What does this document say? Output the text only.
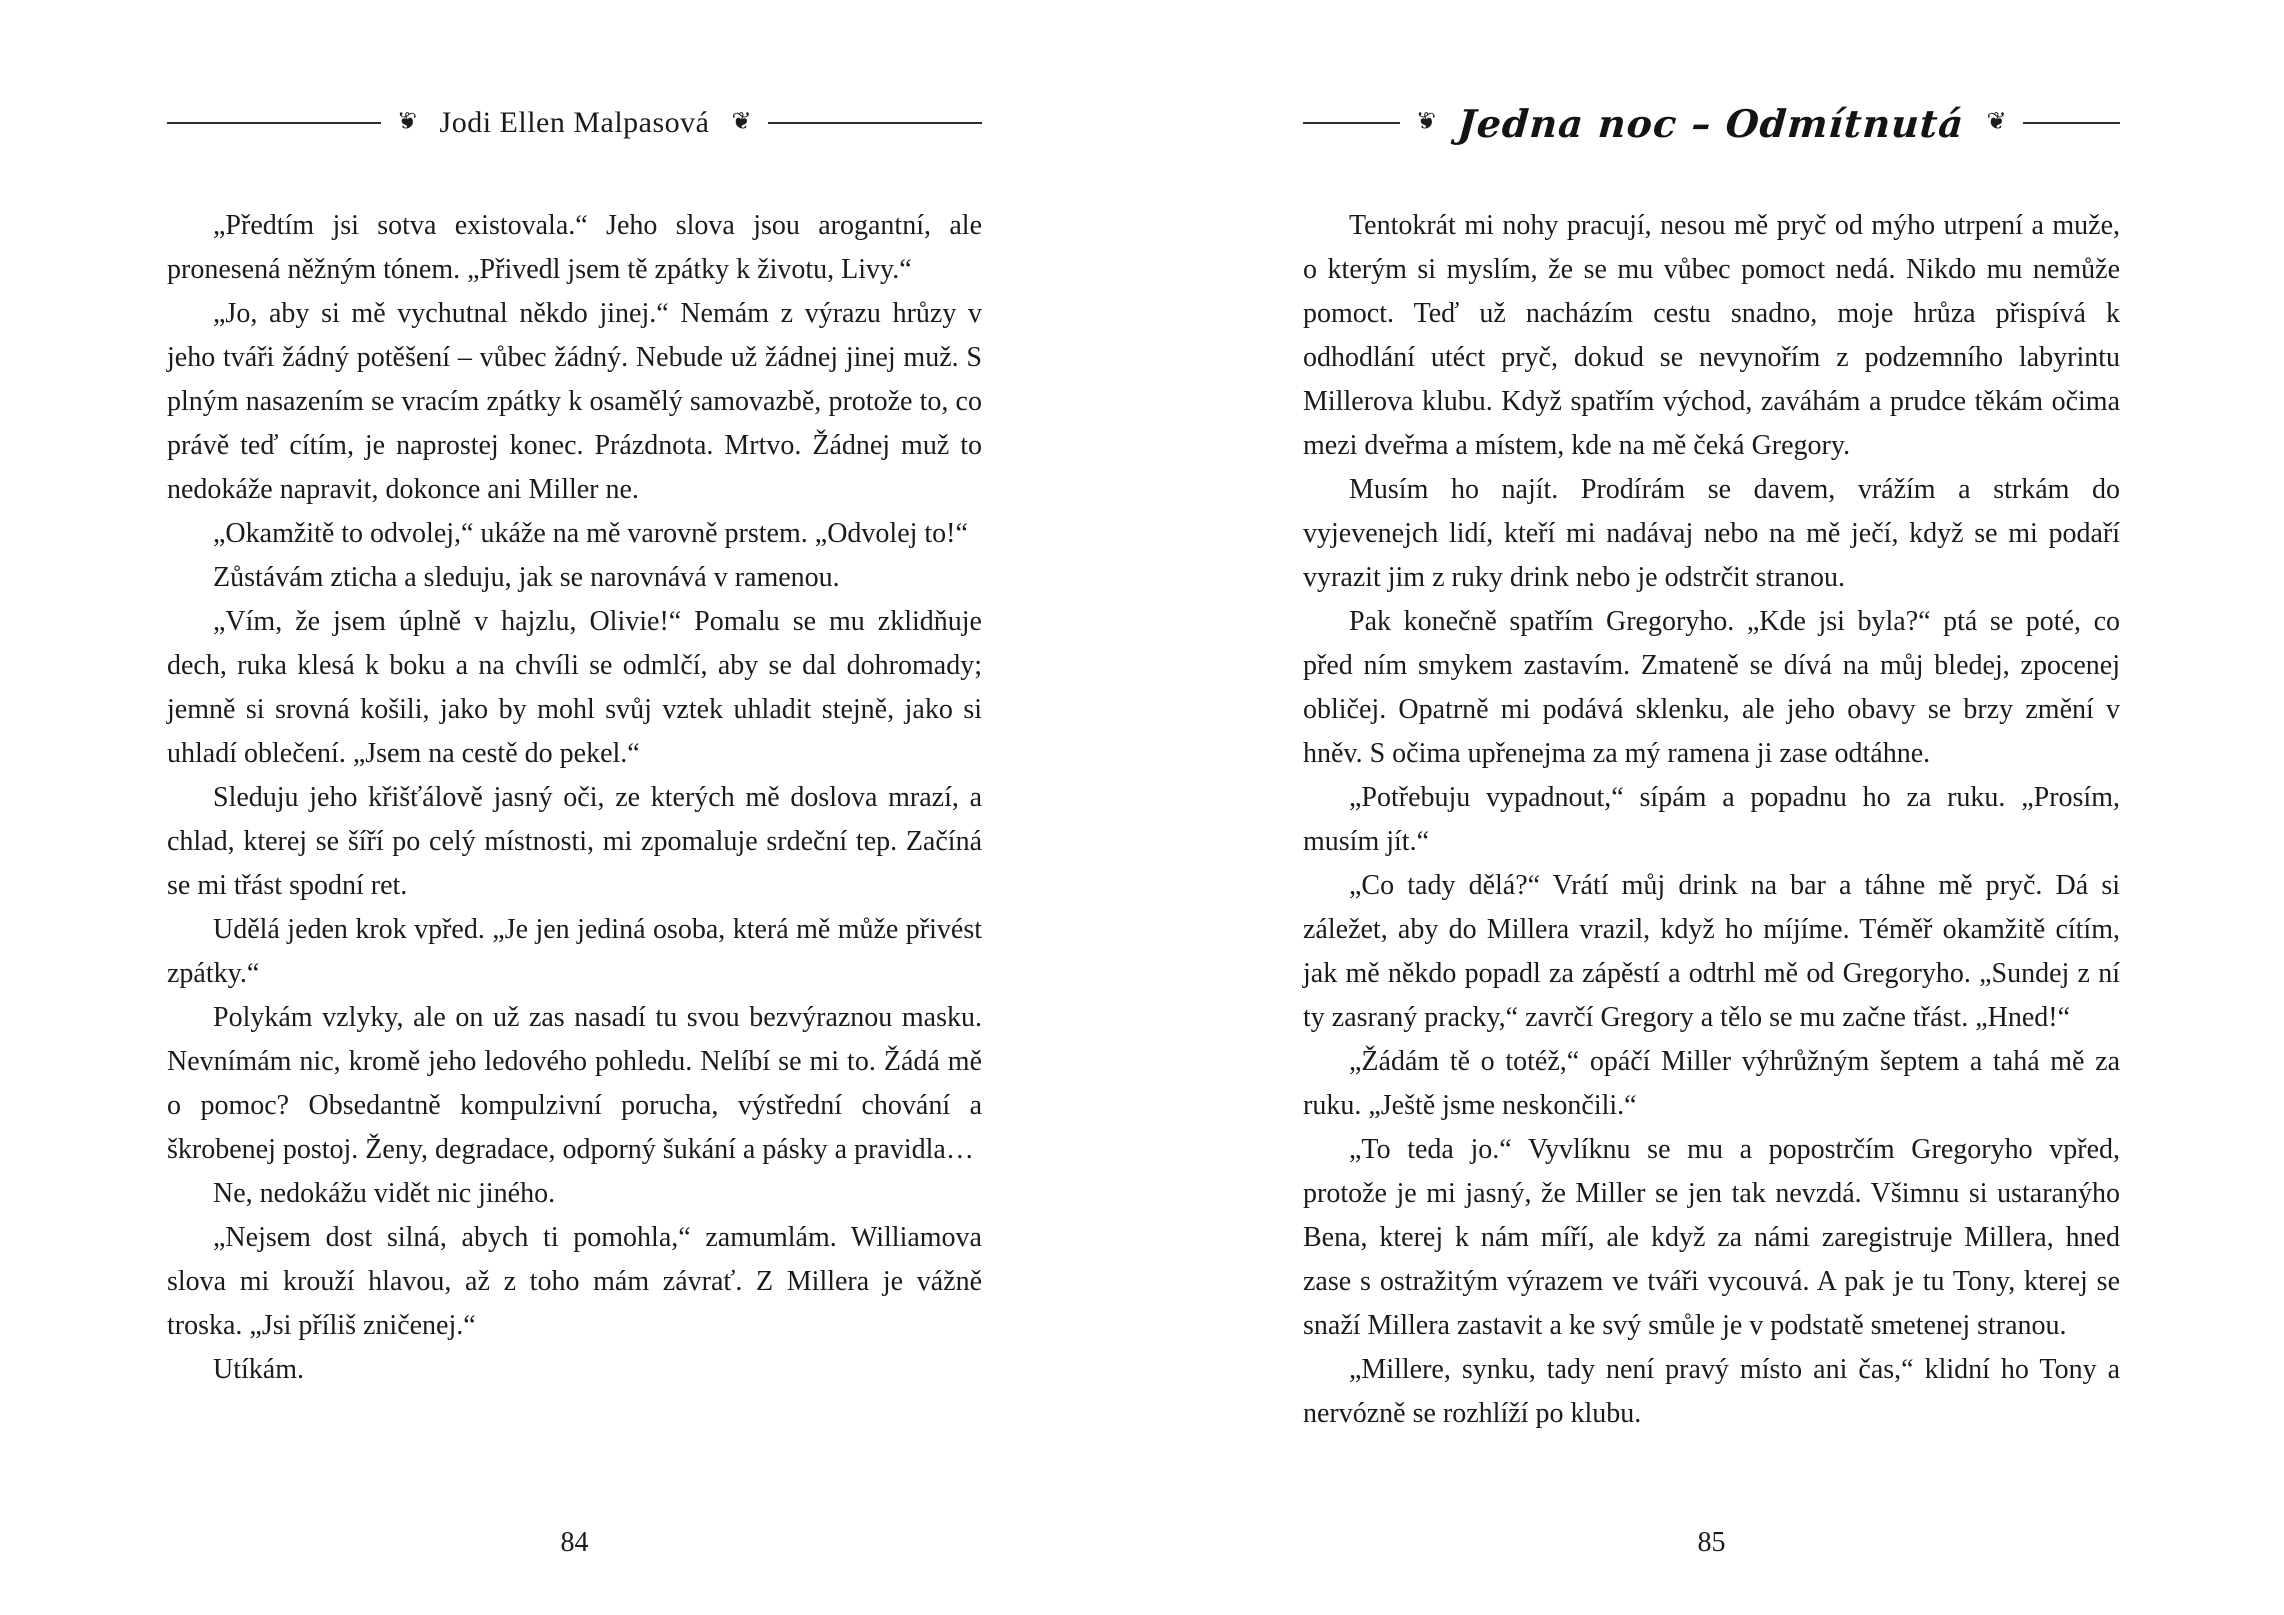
❦ Jodi Ellen Malpasová ❦

„Předtím jsi sotva existovala.“ Jeho slova jsou arogantní, ale pronesená něžným tónem. „Přivedl jsem tě zpátky k životu, Livy.“

„Jo, aby si mě vychutnal někdo jinej.“ Nemám z výrazu hrůzy v jeho tváři žádný potěšení – vůbec žádný. Nebude už žádnej jinej muž. S plným nasazením se vracím zpátky k osamělý samovazbě, protože to, co právě teď cítím, je naprostej konec. Prázdnota. Mrtvo. Žádnej muž to nedokáže napravit, dokonce ani Miller ne.

„Okamžitě to odvolej,“ ukáže na mě varovně prstem. „Odvolej to!“

Zůstávám zticha a sleduju, jak se narovnává v ramenou.

„Vím, že jsem úplně v hajzlu, Olivie!“ Pomalu se mu zklidňuje dech, ruka klesá k boku a na chvíli se odmlčí, aby se dal dohromady; jemně si srovná košili, jako by mohl svůj vztek uhladit stejně, jako si uhladí oblečení. „Jsem na cestě do pekel.“

Sleduju jeho křišťálově jasný oči, ze kterých mě doslova mrazí, a chlad, kterej se šíří po celý místnosti, mi zpomaluje srdeční tep. Začíná se mi třást spodní ret.

Udělá jeden krok vpřed. „Je jen jediná osoba, která mě může přivést zpátky.“

Polykám vzlyky, ale on už zas nasadí tu svou bezvýraznou masku. Nevnímám nic, kromě jeho ledového pohledu. Nelíbí se mi to. Žádá mě o pomoc? Obsedantně kompulzivní porucha, výstřední chování a škrobenej postoj. Ženy, degradace, odporný šukání a pásky a pravidla…

Ne, nedokážu vidět nic jiného.

„Nejsem dost silná, abych ti pomohla,“ zamumlám. Williamova slova mi krouží hlavou, až z toho mám závrať. Z Millera je vážně troska. „Jsi příliš zničenej.“

Utíkám.

84
❦ Jedna noc – Odmítnutá ❦

Tentokrát mi nohy pracují, nesou mě pryč od mýho utrpení a muže, o kterým si myslím, že se mu vůbec pomoct nedá. Nikdo mu nemůže pomoct. Teď už nacházím cestu snadno, moje hrůza přispívá k odhodlání utéct pryč, dokud se nevynořím z podzemního labyrintu Millerova klubu. Když spatřím východ, zaváhám a prudce těkám očima mezi dveřma a místem, kde na mě čeká Gregory.

Musím ho najít. Prodírám se davem, vrážím a strkám do vyjevenejch lidí, kteří mi nadávaj nebo na mě ječí, když se mi podaří vyrazit jim z ruky drink nebo je odstrčit stranou.

Pak konečně spatřím Gregoryho. „Kde jsi byla?“ ptá se poté, co před ním smykem zastavím. Zmateně se dívá na můj bledej, zpocenej obličej. Opatrně mi podává sklenku, ale jeho obavy se brzy změní v hněv. S očima upřenejma za mý ramena ji zase odtáhne.

„Potřebuju vypadnout,“ sípám a popadnu ho za ruku. „Prosím, musím jít.“

„Co tady dělá?“ Vrátí můj drink na bar a táhne mě pryč. Dá si záležet, aby do Millera vrazil, když ho míjíme. Téměř okamžitě cítím, jak mě někdo popadl za zápěstí a odtrhl mě od Gregoryho. „Sundej z ní ty zasraný pracky,“ zavrčí Gregory a tělo se mu začne třást. „Hned!“

„Žádám tě o totéž,“ opáčí Miller výhrůžným šeptem a tahá mě za ruku. „Ještě jsme neskončili.“

„To teda jo.“ Vyvlíknu se mu a popostrčím Gregoryho vpřed, protože je mi jasný, že Miller se jen tak nevzdá. Všimnu si ustaranýho Bena, kterej k nám míří, ale když za námi zaregistruje Millera, hned zase s ostražitým výrazem ve tváři vycouvá. A pak je tu Tony, kterej se snaží Millera zastavit a ke svý smůle je v podstatě smetenej stranou.

„Millere, synku, tady není pravý místo ani čas,“ klidní ho Tony a nervózně se rozhlíží po klubu.

85
